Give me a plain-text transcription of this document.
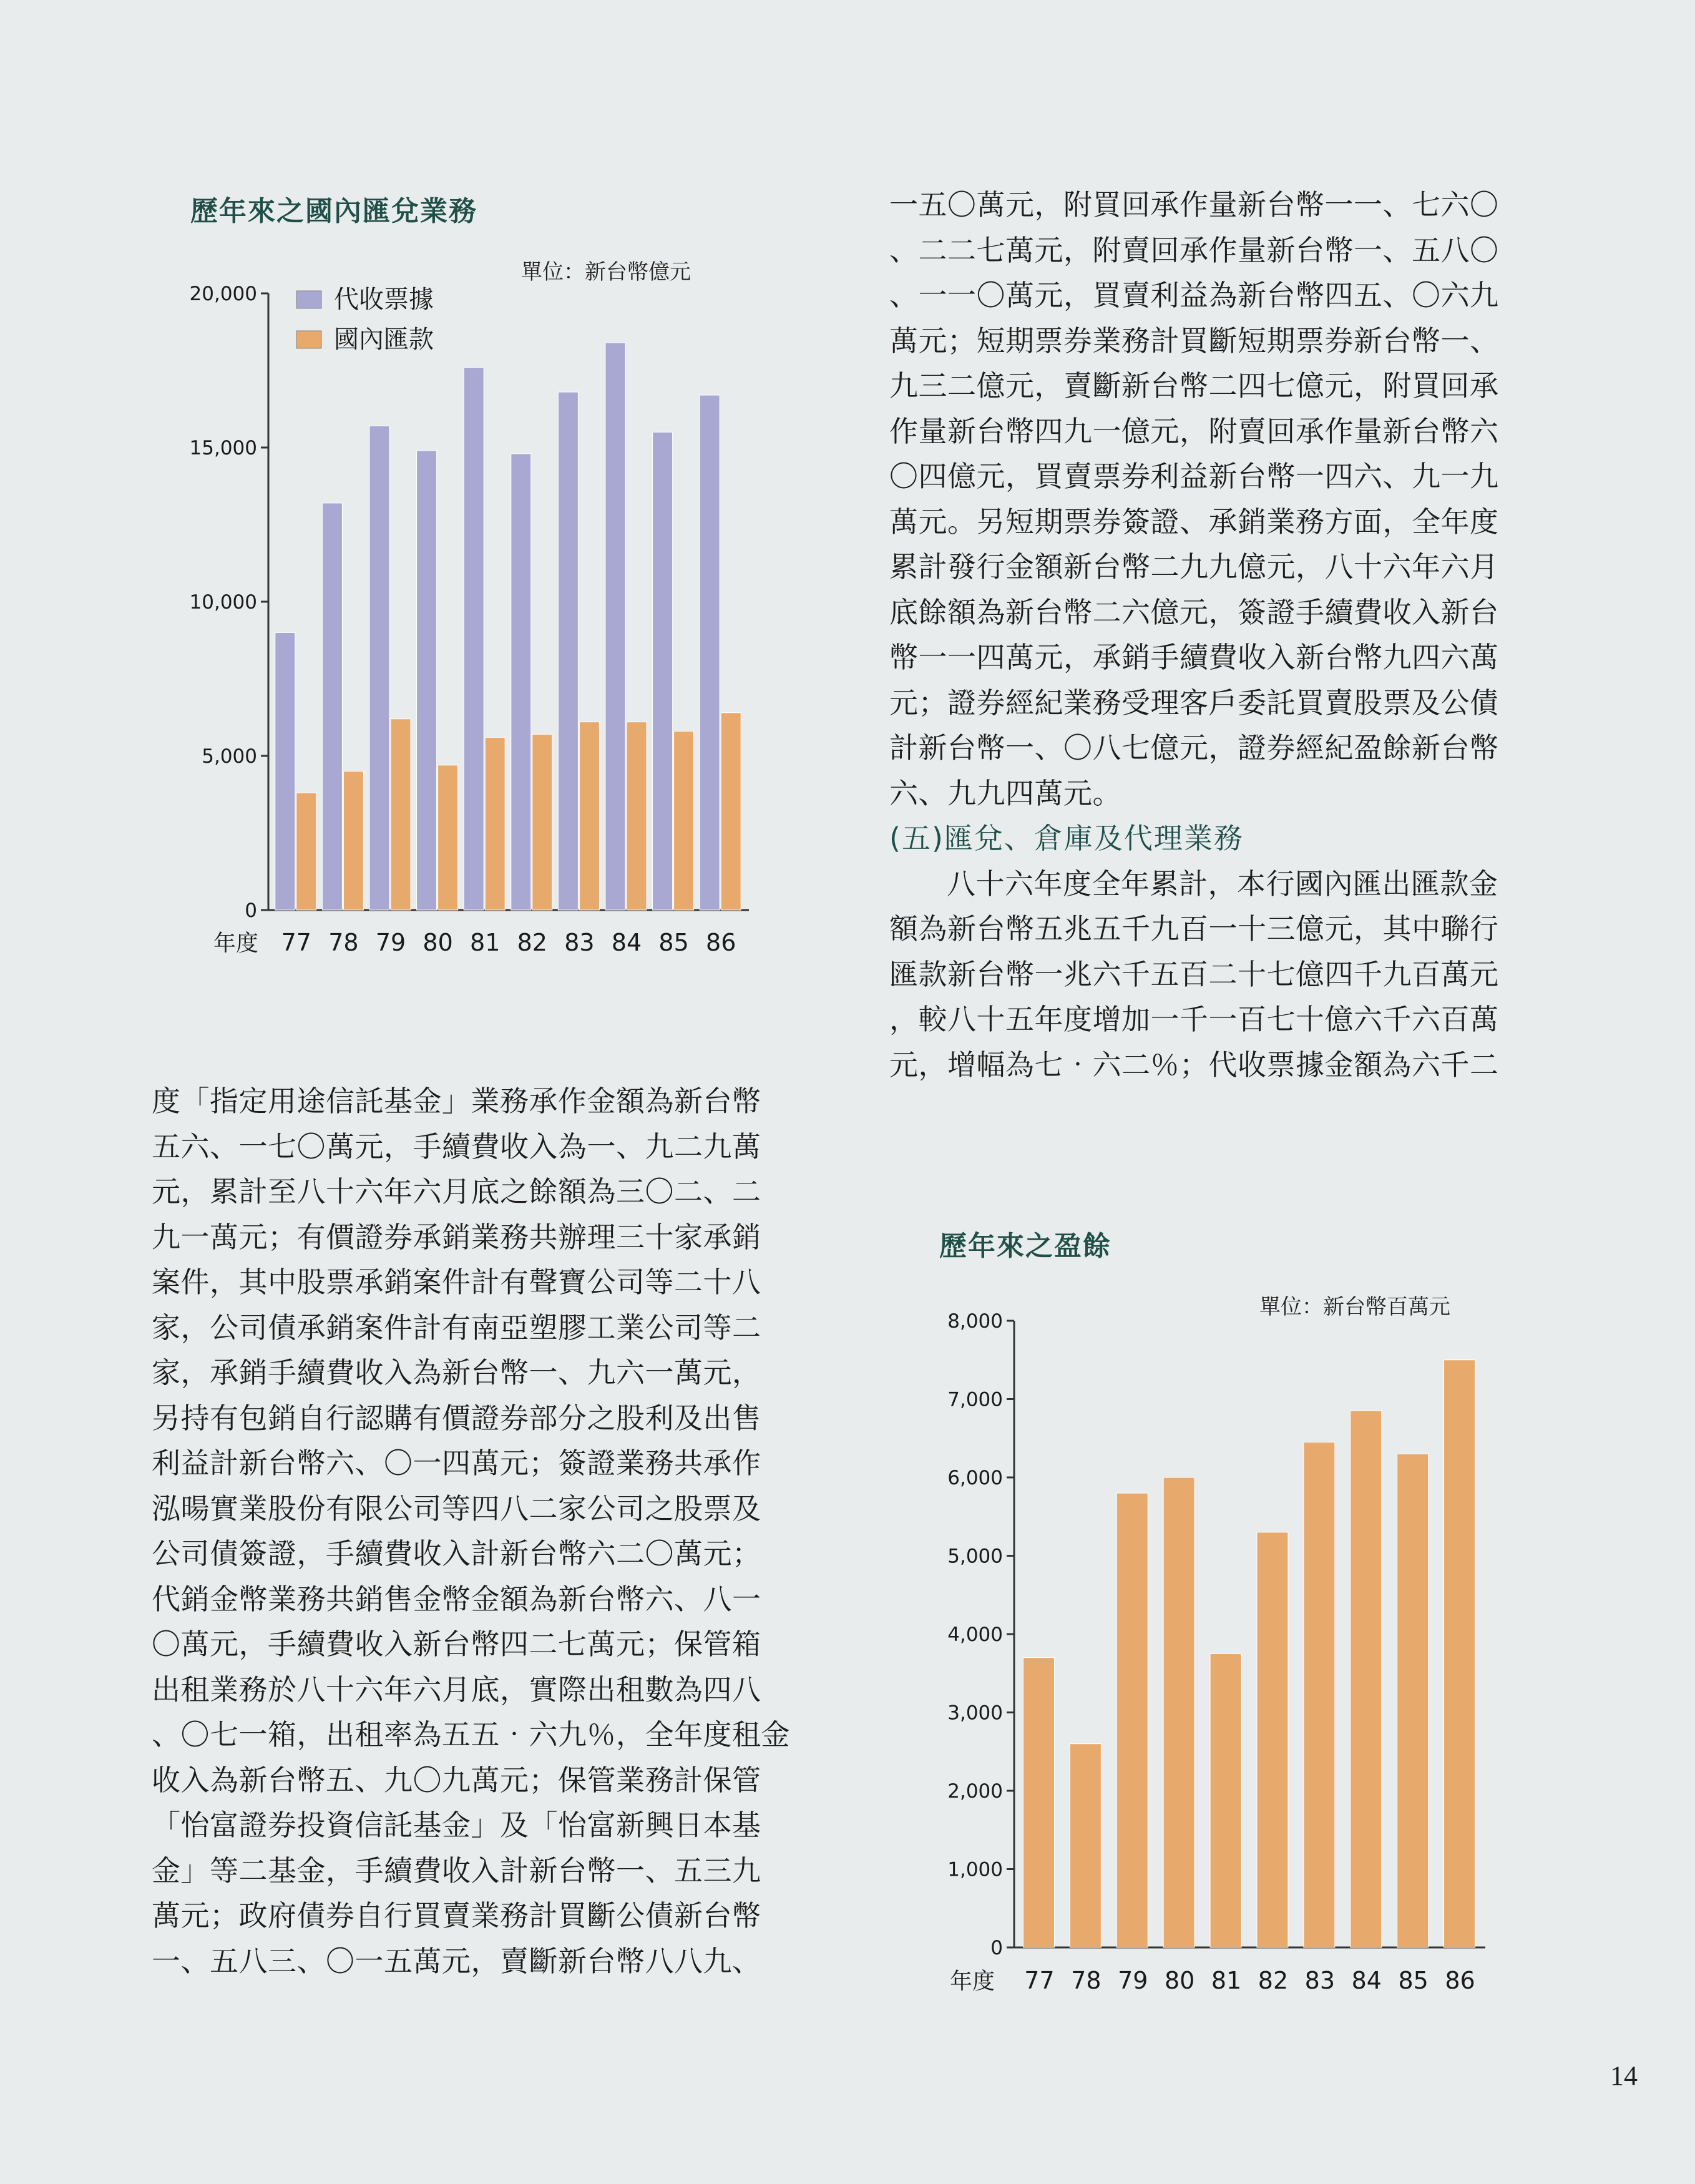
歷年來之國內匯兌業務
單位：新台幣億元
0
5,000
10,000
15,000
20,000
77 78 79 80 81 82 83 84 85 86
年度
代收票據
國內匯款
一五〇萬元，附買回承作量新台幣一一、七六〇
、二二七萬元，附賣回承作量新台幣一、五八〇
、一一〇萬元，買賣利益為新台幣四五、〇六九
萬元；短期票券業務計買斷短期票券新台幣一、
九三二億元，賣斷新台幣二四七億元，附買回承
作量新台幣四九一億元，附賣回承作量新台幣六
〇四億元，買賣票券利益新台幣一四六、九一九
萬元。另短期票券簽證、承銷業務方面，全年度
累計發行金額新台幣二九九億元，八十六年六月
底餘額為新台幣二六億元，簽證手續費收入新台
幣一一四萬元，承銷手續費收入新台幣九四六萬
元；證券經紀業務受理客戶委託買賣股票及公債
計新台幣一、〇八七億元，證券經紀盈餘新台幣
六、九九四萬元。
(五)匯兌、倉庫及代理業務
八十六年度全年累計，本行國內匯出匯款金
額為新台幣五兆五千九百一十三億元，其中聯行
匯款新台幣一兆六千五百二十七億四千九百萬元
，較八十五年度增加一千一百七十億六千六百萬
元，增幅為七‧六二％；代收票據金額為六千二
度「指定用途信託基金」業務承作金額為新台幣
五六、一七〇萬元，手續費收入為一、九二九萬
元，累計至八十六年六月底之餘額為三〇二、二
九一萬元；有價證券承銷業務共辦理三十家承銷
案件，其中股票承銷案件計有聲寶公司等二十八
家，公司債承銷案件計有南亞塑膠工業公司等二
家，承銷手續費收入為新台幣一、九六一萬元，
另持有包銷自行認購有價證券部分之股利及出售
利益計新台幣六、〇一四萬元；簽證業務共承作
泓暘實業股份有限公司等四八二家公司之股票及
公司債簽證，手續費收入計新台幣六二〇萬元；
代銷金幣業務共銷售金幣金額為新台幣六、八一
〇萬元，手續費收入新台幣四二七萬元；保管箱
出租業務於八十六年六月底，實際出租數為四八
、〇七一箱，出租率為五五‧六九％，全年度租金
收入為新台幣五、九〇九萬元；保管業務計保管
「怡富證券投資信託基金」及「怡富新興日本基
金」等二基金，手續費收入計新台幣一、五三九
萬元；政府債券自行買賣業務計買斷公債新台幣
一、五八三、〇一五萬元，賣斷新台幣八八九、
歷年來之盈餘
單位：新台幣百萬元
0
1,000
2,000
3,000
4,000
5,000
6,000
7,000
8,000
77 78 79 80 81 82 83 84 85 86
年度
14
